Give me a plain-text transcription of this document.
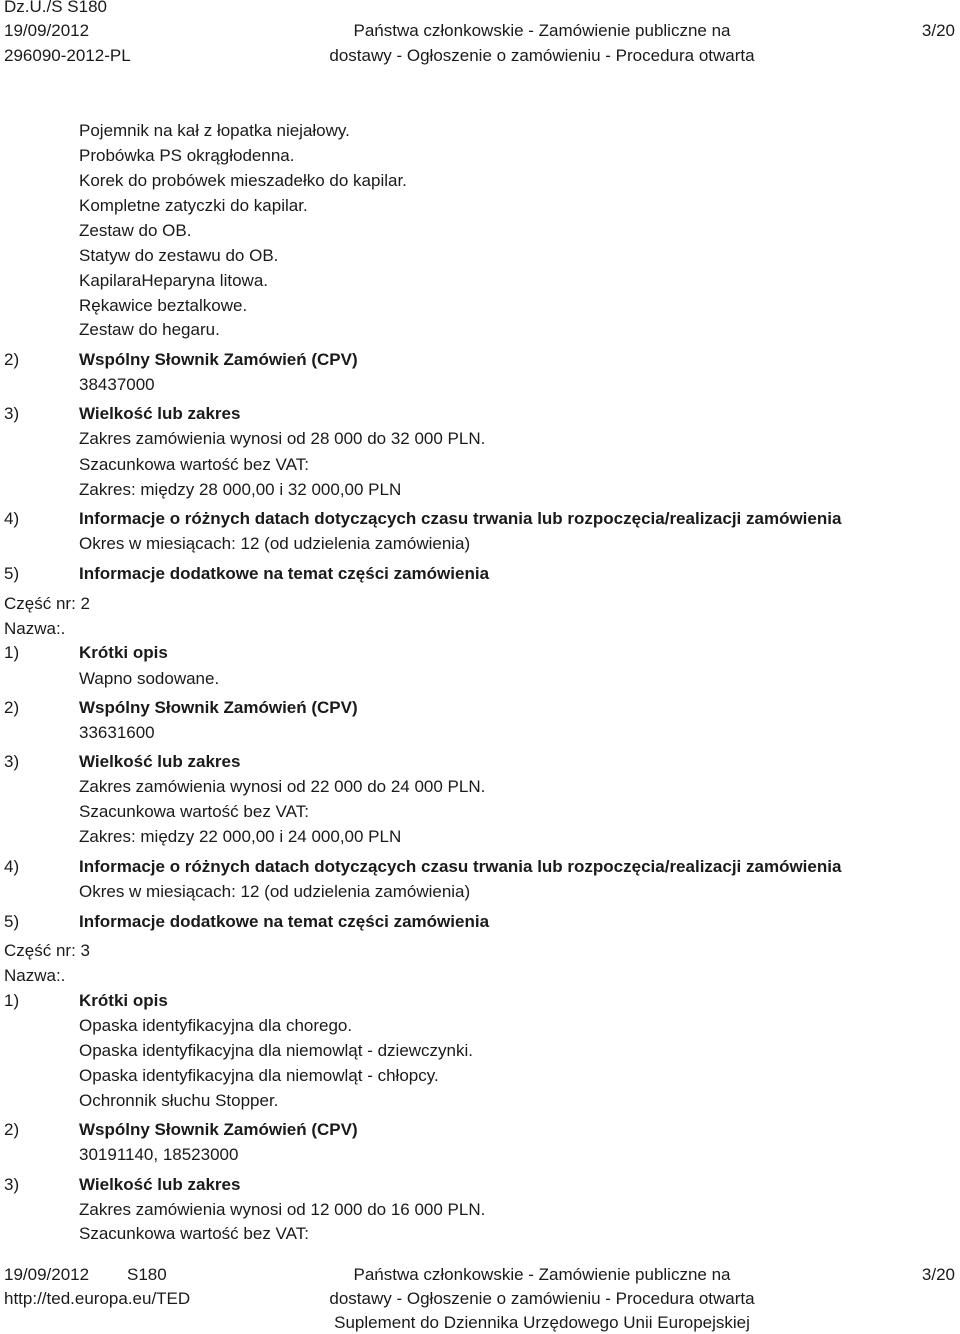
Dz.U./S S180
19/09/2012
296090-2012-PL
Państwa członkowskie - Zamówienie publiczne na
dostawy - Ogłoszenie o zamówieniu - Procedura otwarta
3/20
Pojemnik na kał z łopatka niejałowy.
Probówka PS okrągłodenna.
Korek do probówek mieszadełko do kapilar.
Kompletne zatyczki do kapilar.
Zestaw do OB.
Statyw do zestawu do OB.
KapilaraHeparyna litowa.
Rękawice beztalkowe.
Zestaw do hegaru.
2)	Wspólny Słownik Zamówień (CPV)
38437000
3)	Wielkość lub zakres
Zakres zamówienia wynosi od 28 000 do 32 000 PLN.
Szacunkowa wartość bez VAT:
Zakres: między 28 000,00 i 32 000,00 PLN
4)	Informacje o różnych datach dotyczących czasu trwania lub rozpoczęcia/realizacji zamówienia
Okres w miesiącach: 12 (od udzielenia zamówienia)
5)	Informacje dodatkowe na temat części zamówienia
Część nr: 2
Nazwa:.
1)	Krótki opis
Wapno sodowane.
2)	Wspólny Słownik Zamówień (CPV)
33631600
3)	Wielkość lub zakres
Zakres zamówienia wynosi od 22 000 do 24 000 PLN.
Szacunkowa wartość bez VAT:
Zakres: między 22 000,00 i 24 000,00 PLN
4)	Informacje o różnych datach dotyczących czasu trwania lub rozpoczęcia/realizacji zamówienia
Okres w miesiącach: 12 (od udzielenia zamówienia)
5)	Informacje dodatkowe na temat części zamówienia
Część nr: 3
Nazwa:.
1)	Krótki opis
Opaska identyfikacyjna dla chorego.
Opaska identyfikacyjna dla niemowląt - dziewczynki.
Opaska identyfikacyjna dla niemowląt - chłopcy.
Ochronnik słuchu Stopper.
2)	Wspólny Słownik Zamówień (CPV)
30191140, 18523000
3)	Wielkość lub zakres
Zakres zamówienia wynosi od 12 000 do 16 000 PLN.
Szacunkowa wartość bez VAT:
19/09/2012 S180
http://ted.europa.eu/TED
Państwa członkowskie - Zamówienie publiczne na
dostawy - Ogłoszenie o zamówieniu - Procedura otwarta
Suplement do Dziennika Urzędowego Unii Europejskiej
3/20
